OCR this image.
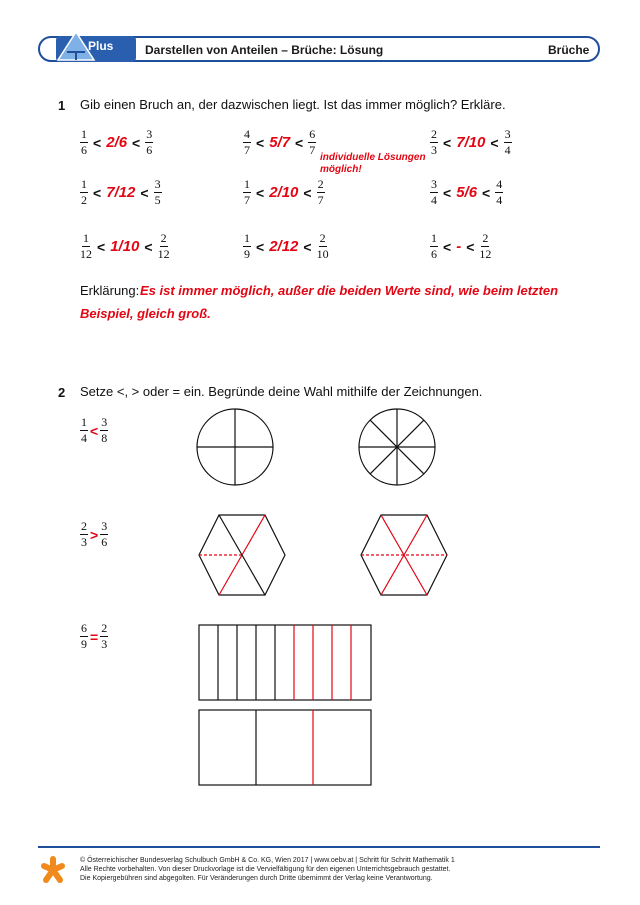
Plus	Darstellen von Anteilen – Brüche: Lösung	Brüche
1 Gib einen Bruch an, der dazwischen liegt. Ist das immer möglich? Erkläre.
$\frac{1}{6} < 2/6 < \frac{3}{6}$	$\frac{4}{7} < 5/7 < \frac{6}{7}$	$\frac{2}{3} < 7/10 < \frac{3}{4}$
$\frac{1}{2} < 7/12 < \frac{3}{5}$	$\frac{1}{7} < 2/10 < \frac{2}{7}$	$\frac{3}{4} < 5/6 < \frac{4}{4}$
$\frac{1}{12} < 1/10 < \frac{2}{12}$	$\frac{1}{9} < 2/12 < \frac{2}{10}$	$\frac{1}{6}$ < - < $\frac{2}{12}$
individuelle Lösungen
möglich!
Erklärung: Es ist immer möglich, außer die beiden Werte sind, wie beim letzten
Beispiel, gleich groß.
2 Setze <, > oder = ein. Begründe deine Wahl mithilfe der Zeichnungen.
$\frac{1}{4} < \frac{3}{8}$
$\frac{2}{3} > \frac{3}{6}$
$\frac{6}{9} = \frac{2}{3}$
© Österreichischer Bundesverlag Schulbuch GmbH & Co. KG, Wien 2017 | www.oebv.at | Schritt für Schritt Mathematik 1
Alle Rechte vorbehalten. Von dieser Druckvorlage ist die Vervielfältigung für den eigenen Unterrichtsgebrauch gestattet.
Die Kopiergebühren sind abgegolten. Für Veränderungen durch Dritte übernimmt der Verlag keine Verantwortung.
